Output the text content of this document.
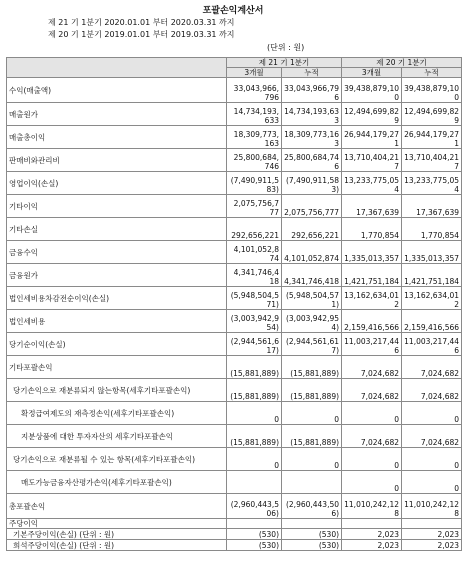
포괄손익계산서
제 21 기 1분기 2020.01.01 부터 2020.03.31 까지
제 20 기 1분기 2019.01.01 부터 2019.03.31 까지
(단위 : 원)
	제 21 기 1분기		제 20 기 1분기	
	3개월	누적	3개월	누적
수익(매출액)	33,043,966,796	33,043,966,796	39,438,879,100	39,438,879,100
매출원가	14,734,193,633	14,734,193,633	12,494,699,829	12,494,699,829
매출총이익	18,309,773,163	18,309,773,163	26,944,179,271	26,944,179,271
판매비와관리비	25,800,684,746	25,800,684,746	13,710,404,217	13,710,404,217
영업이익(손실)	(7,490,911,583)	(7,490,911,583)	13,233,775,054	13,233,775,054
기타이익	2,075,756,777	2,075,756,777	17,367,639	17,367,639
기타손실	292,656,221	292,656,221	1,770,854	1,770,854
금융수익	4,101,052,874	4,101,052,874	1,335,013,357	1,335,013,357
금융원가	4,341,746,418	4,341,746,418	1,421,751,184	1,421,751,184
법인세비용차감전순이익(손실)	(5,948,504,571)	(5,948,504,571)	13,162,634,012	13,162,634,012
법인세비용	(3,003,942,954)	(3,003,942,954)	2,159,416,566	2,159,416,566
당기순이익(손실)	(2,944,561,617)	(2,944,561,617)	11,003,217,446	11,003,217,446
기타포괄손익	(15,881,889)	(15,881,889)	7,024,682	7,024,682
당기손익으로 재분류되지 않는항목(세후기타포괄손익)	(15,881,889)	(15,881,889)	7,024,682	7,024,682
확정급여제도의 재측정손익(세후기타포괄손익)	0	0	0	0
지분상품에 대한 투자자산의 세후기타포괄손익	(15,881,889)	(15,881,889)	7,024,682	7,024,682
당기손익으로 재분류될 수 있는 항목(세후기타포괄손익)	0	0	0	0
매도가능금융자산평가손익(세후기타포괄손익)			0	0
총포괄손익	(2,960,443,506)	(2,960,443,506)	11,010,242,128	11,010,242,128
주당이익				
기본주당이익(손실) (단위 : 원)	(530)	(530)	2,023	2,023
희석주당이익(손실) (단위 : 원)	(530)	(530)	2,023	2,023
